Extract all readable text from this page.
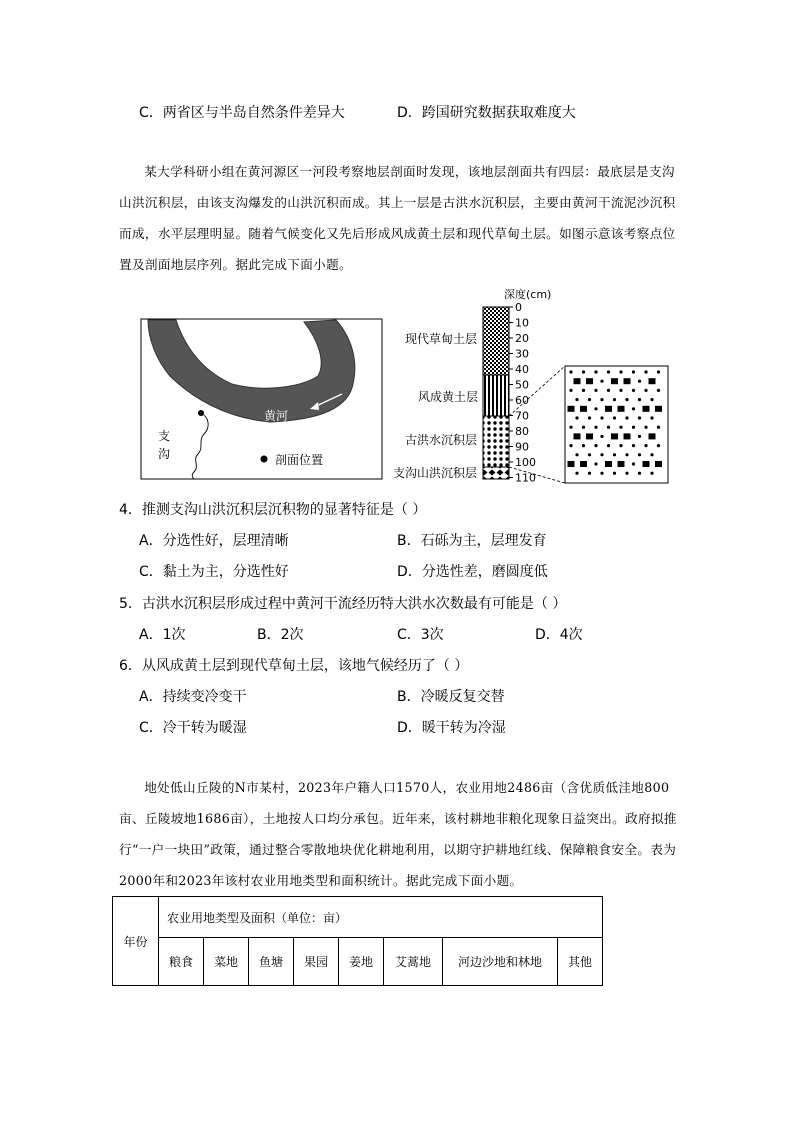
C．两省区与半岛自然条件差异大	D．跨国研究数据获取难度大

某大学科研小组在黄河源区一河段考察地层剖面时发现，该地层剖面共有四层：最底层是支沟山洪沉积层，由该支沟爆发的山洪沉积而成。其上一层是古洪水沉积层，主要由黄河干流泥沙沉积而成，水平层理明显。随着气候变化又先后形成风成黄土层和现代草甸土层。如图示意该考察点位置及剖面地层序列。据此完成下面小题。

黄河
支
沟	剖面位置
深度(cm)
0
10
20
30
40
50
60
70
80
90
100
110
现代草甸土层
风成黄土层
古洪水沉积层
支沟山洪沉积层
4．推测支沟山洪沉积层沉积物的显著特征是（ ）
A．分选性好，层理清晰	B．石砾为主，层理发育
C．黏土为主，分选性好	D．分选性差，磨圆度低
5．古洪水沉积层形成过程中黄河干流经历特大洪水次数最有可能是（ ）
A．1次	B．2次	C．3次	D．4次
6．从风成黄土层到现代草甸土层，该地气候经历了（ ）
A．持续变冷变干	B．冷暖反复交替
C．冷干转为暖湿	D．暖干转为冷湿

地处低山丘陵的N市某村，2023年户籍人口1570人，农业用地2486亩（含优质低洼地800亩、丘陵坡地1686亩），土地按人口均分承包。近年来，该村耕地非粮化现象日益突出。政府拟推行“一户一块田”政策，通过整合零散地块优化耕地利用，以期守护耕地红线、保障粮食安全。表为2000年和2023年该村农业用地类型和面积统计。据此完成下面小题。

年份	农业用地类型及面积（单位：亩）							
	粮食	菜地	鱼塘	果园	姜地	艾蒿地	河边沙地和林地	其他
